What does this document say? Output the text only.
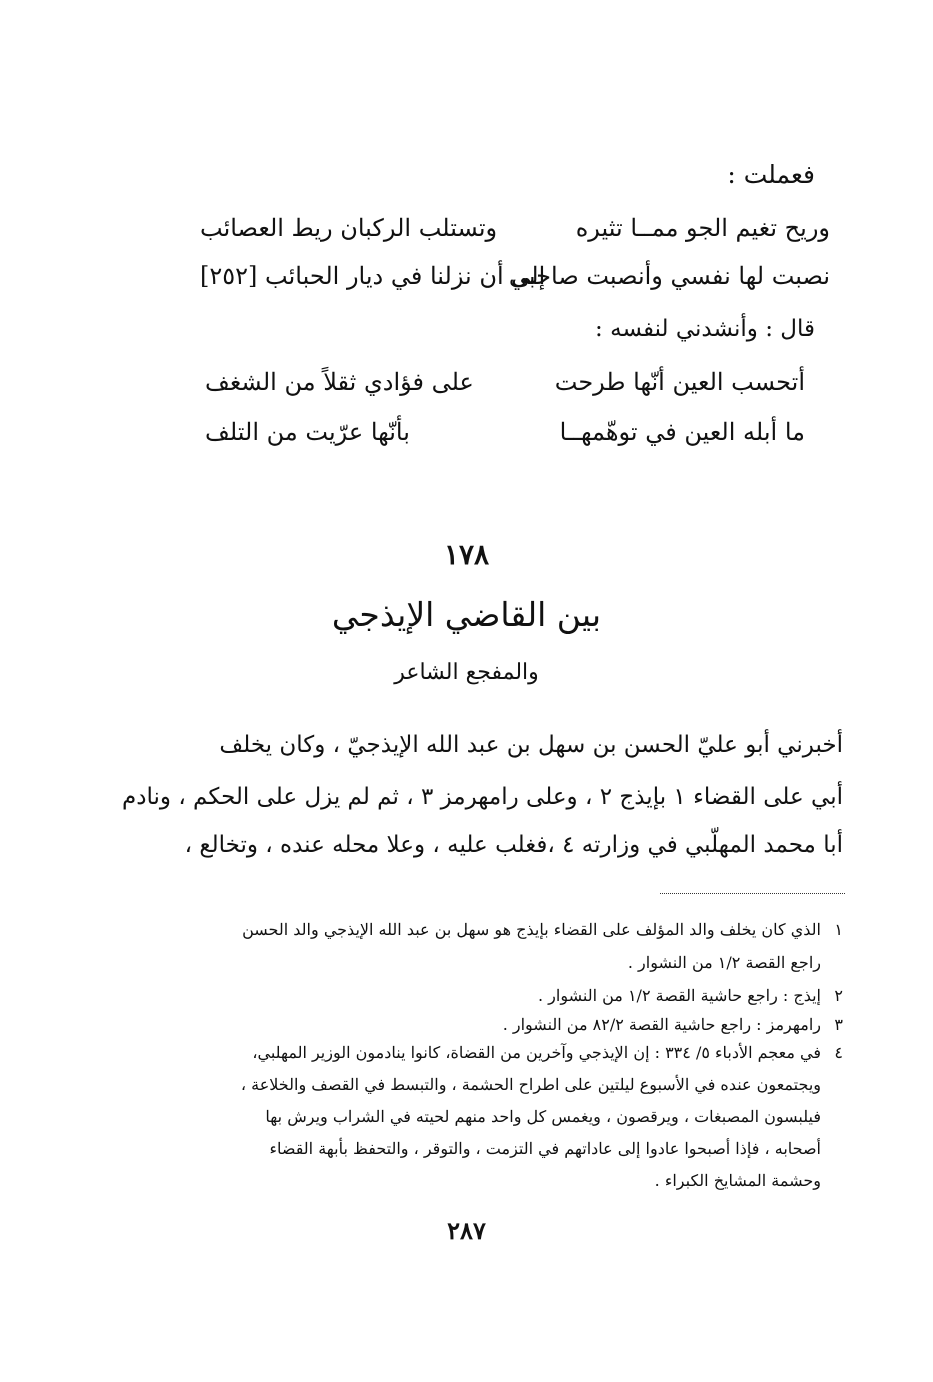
فعملت :
وريح تغيم الجو ممــا تثيره
وتستلب الركبان ريط العصائب
نصبت لها نفسي وأنصبت صاحبي
إلى أن نزلنا في ديار الحبائب [٢٥٢]
قال : وأنشدني لنفسه :
أتحسب العين أنّها طرحت
على فؤادي ثقلاً من الشغف
ما أبله العين في توهّمهــا
بأنّها عرّيت من التلف
١٧٨
بين القاضي الإيذجي
والمفجع الشاعر
أخبرني أبو عليّ الحسن بن سهل بن عبد الله الإيذجيّ ، وكان يخلف
أبي على القضاء ١ بإيذج ٢ ، وعلى رامهرمز ٣ ، ثم لم يزل على الحكم ، ونادم
أبا محمد المهلّبي في وزارته ٤ ،فغلب عليه ، وعلا محله عنده ، وتخالع ،
١الذي كان يخلف والد المؤلف على القضاء بإيذج هو سهل بن عبد الله الإيذجي والد الحسن
راجع القصة ١/٢ من النشوار .
٢إيذج : راجع حاشية القصة ١/٢ من النشوار .
٣رامهرمز : راجع حاشية القصة ٨٢/٢ من النشوار .
٤في معجم الأدباء ٥/ ٣٣٤ : إن الإيذجي وآخرين من القضاة، كانوا ينادمون الوزير المهلبي،
ويجتمعون عنده في الأسبوع ليلتين على اطراح الحشمة ، والتبسط في القصف والخلاعة ،
فيلبسون المصبغات ، ويرقصون ، ويغمس كل واحد منهم لحيته في الشراب ويرش بها
أصحابه ، فإذا أصبحوا عادوا إلى عاداتهم في التزمت ، والتوقر ، والتحفظ بأبهة القضاء
وحشمة المشايخ الكبراء .
٢٨٧
